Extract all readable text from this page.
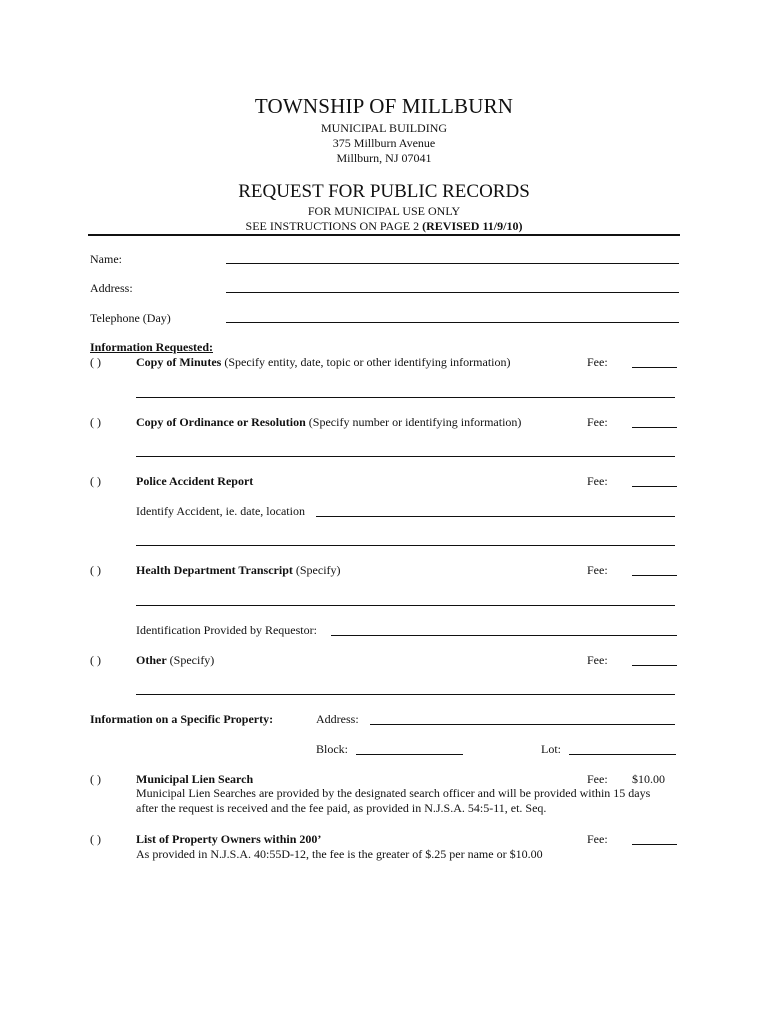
TOWNSHIP OF MILLBURN
MUNICIPAL BUILDING
375 Millburn Avenue
Millburn, NJ 07041
REQUEST FOR PUBLIC RECORDS
FOR MUNICIPAL USE ONLY
SEE INSTRUCTIONS ON PAGE 2 (REVISED 11/9/10)
Name:
Address:
Telephone (Day)
Information Requested:
( )	Copy of Minutes (Specify entity, date, topic or other identifying information)	Fee:
( )	Copy of Ordinance or Resolution (Specify number or identifying information)	Fee:
( )	Police Accident Report	Fee:
Identify Accident, ie. date, location
( )	Health Department Transcript (Specify)	Fee:
Identification Provided by Requestor:
( )	Other (Specify)	Fee:
Information on a Specific Property:	Address:
Block:	Lot:
( )	Municipal Lien Search	Fee: $10.00
Municipal Lien Searches are provided by the designated search officer and will be provided within 15 days
after the request is received and the fee paid, as provided in N.J.S.A. 54:5-11, et. Seq.
( )	List of Property Owners within 200’	Fee:
As provided in N.J.S.A. 40:55D-12, the fee is the greater of $.25 per name or $10.00
